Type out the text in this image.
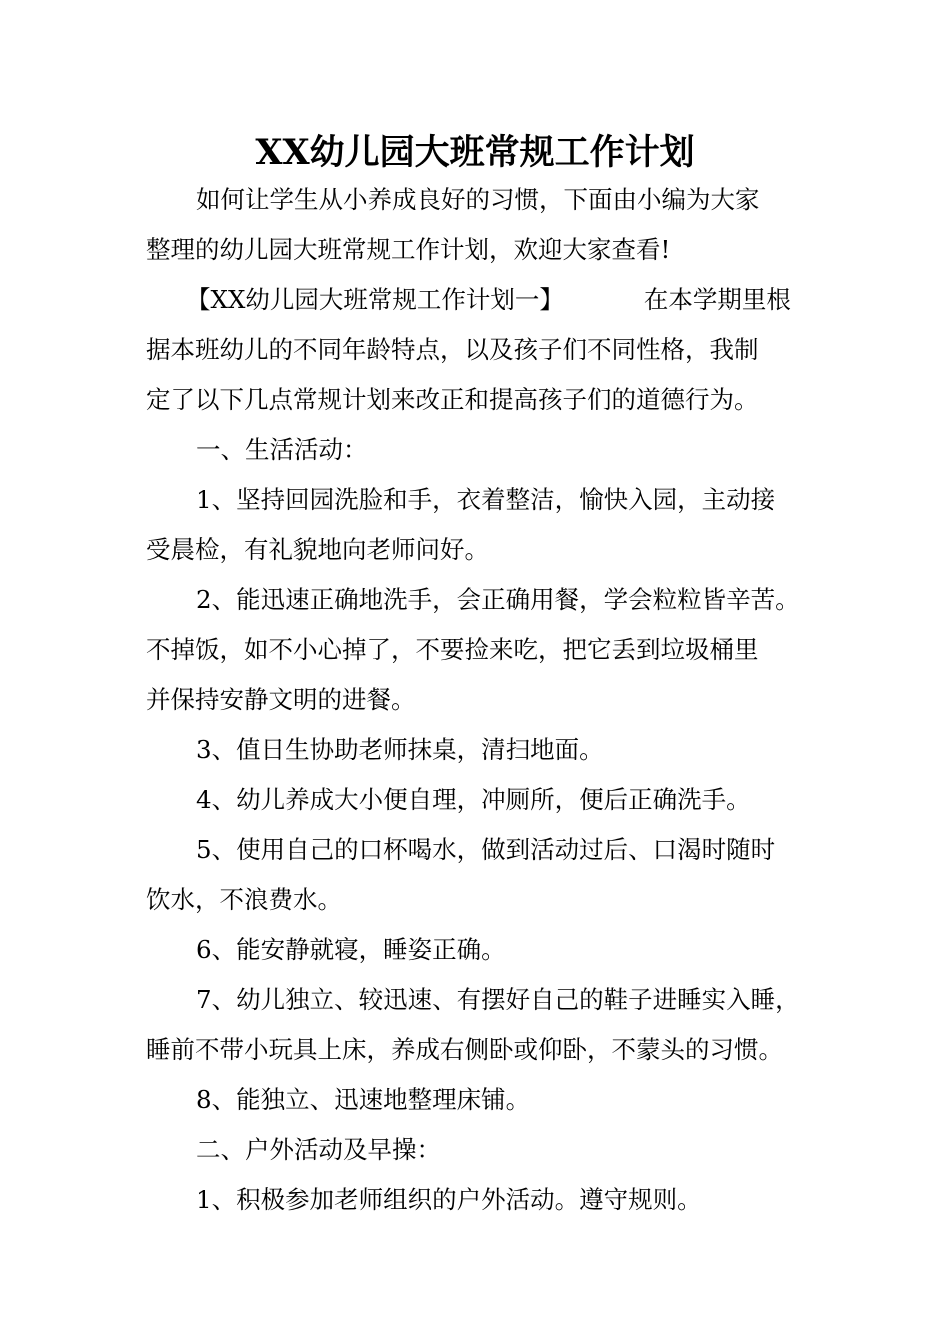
XX幼儿园大班常规工作计划
如何让学生从小养成良好的习惯，下面由小编为大家
整理的幼儿园大班常规工作计划，欢迎大家查看!
【XX幼儿园大班常规工作计划一】	在本学期里根
据本班幼儿的不同年龄特点，以及孩子们不同性格，我制
定了以下几点常规计划来改正和提高孩子们的道德行为。
一、生活活动：
1、坚持回园洗脸和手，衣着整洁，愉快入园，主动接
受晨检，有礼貌地向老师问好。
2、能迅速正确地洗手，会正确用餐，学会粒粒皆辛苦。
不掉饭，如不小心掉了，不要捡来吃，把它丢到垃圾桶里
并保持安静文明的进餐。
3、值日生协助老师抹桌，清扫地面。
4、幼儿养成大小便自理，冲厕所，便后正确洗手。
5、使用自己的口杯喝水，做到活动过后、口渴时随时
饮水，不浪费水。
6、能安静就寝，睡姿正确。
7、幼儿独立、较迅速、有摆好自己的鞋子进睡实入睡，
睡前不带小玩具上床，养成右侧卧或仰卧，不蒙头的习惯。
8、能独立、迅速地整理床铺。
二、户外活动及早操：
1、积极参加老师组织的户外活动。遵守规则。
